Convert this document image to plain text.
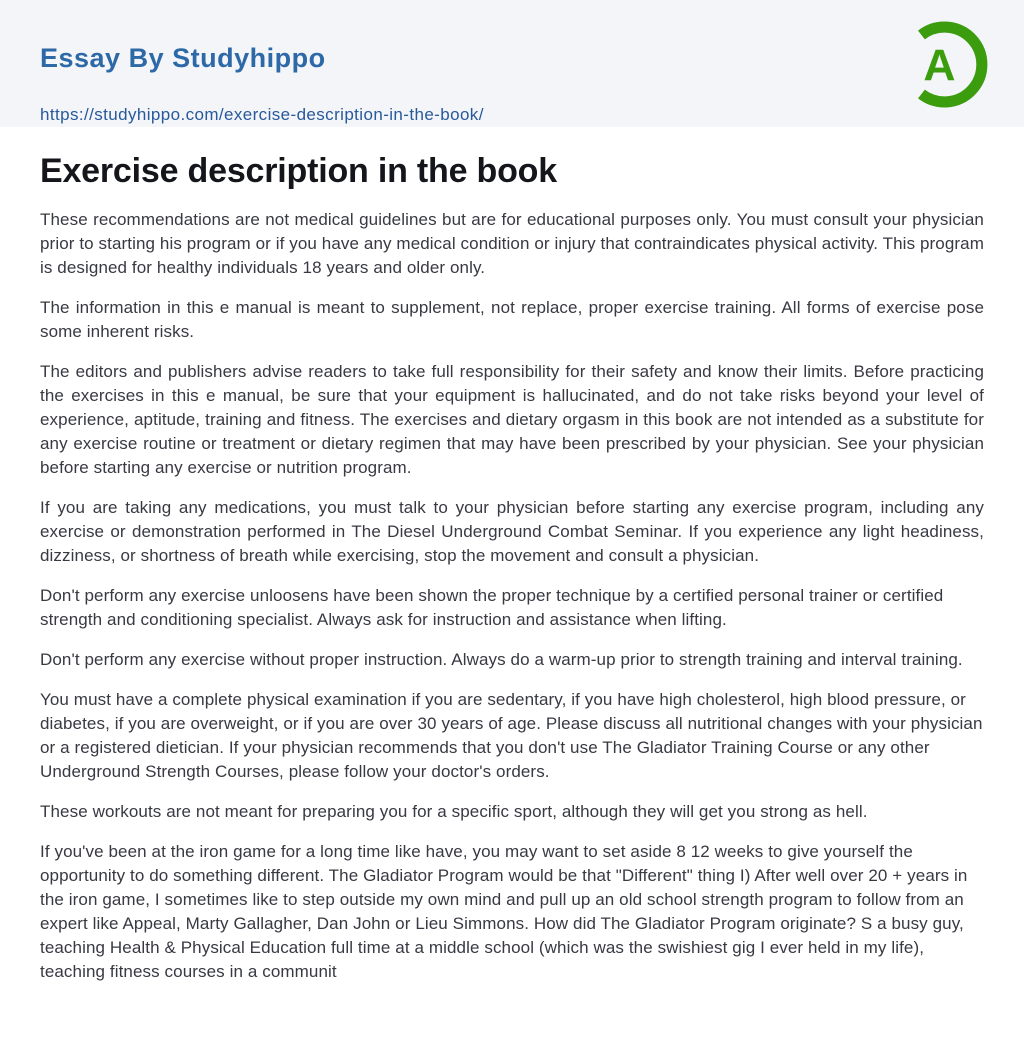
Essay By Studyhippo

https://studyhippo.com/exercise-description-in-the-book/
A
Exercise description in the book

These recommendations are not medical guidelines but are for educational purposes only. You must consult your physician prior to starting his program or if you have any medical condition or injury that contraindicates physical activity. This program is designed for healthy individuals 18 years and older only.

The information in this e manual is meant to supplement, not replace, proper exercise training. All forms of exercise pose some inherent risks.

The editors and publishers advise readers to take full responsibility for their safety and know their limits. Before practicing the exercises in this e manual, be sure that your equipment is hallucinated, and do not take risks beyond your level of experience, aptitude, training and fitness. The exercises and dietary orgasm in this book are not intended as a substitute for any exercise routine or treatment or dietary regimen that may have been prescribed by your physician. See your physician before starting any exercise or nutrition program.

If you are taking any medications, you must talk to your physician before starting any exercise program, including any exercise or demonstration performed in The Diesel Underground Combat Seminar. If you experience any light headiness, dizziness, or shortness of breath while exercising, stop the movement and consult a physician.

Don't perform any exercise unloosens have been shown the proper technique by a certified personal trainer or certified strength and conditioning specialist. Always ask for instruction and assistance when lifting.

Don't perform any exercise without proper instruction. Always do a warm-up prior to strength training and interval training.

You must have a complete physical examination if you are sedentary, if you have high cholesterol, high blood pressure, or diabetes, if you are overweight, or if you are over 30 years of age. Please discuss all nutritional changes with your physician or a registered dietician. If your physician recommends that you don't use The Gladiator Training Course or any other Underground Strength Courses, please follow your doctor's orders.

These workouts are not meant for preparing you for a specific sport, although they will get you strong as hell.

If you've been at the iron game for a long time like have, you may want to set aside 8 12 weeks to give yourself the opportunity to do something different. The Gladiator Program would be that "Different" thing I) After well over 20 + years in the iron game, I sometimes like to step outside my own mind and pull up an old school strength program to follow from an expert like Appeal, Marty Gallagher, Dan John or Lieu Simmons. How did The Gladiator Program originate? S a busy guy, teaching Health & Physical Education full time at a middle school (which was the swishiest gig I ever held in my life), teaching fitness courses in a communit
